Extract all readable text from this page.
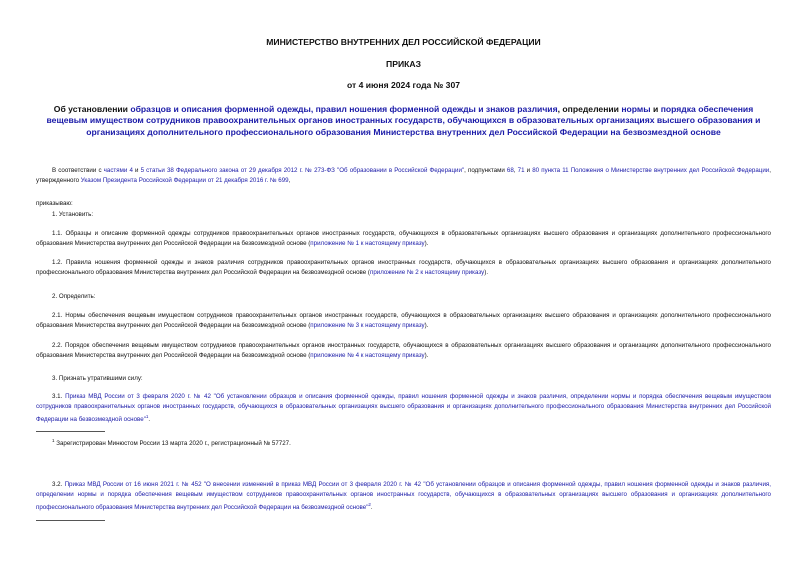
МИНИСТЕРСТВО ВНУТРЕННИХ ДЕЛ РОССИЙСКОЙ ФЕДЕРАЦИИ
ПРИКАЗ
от 4 июня 2024 года № 307
Об установлении образцов и описания форменной одежды, правил ношения форменной одежды и знаков различия, определении нормы и порядка обеспечения вещевым имуществом сотрудников правоохранительных органов иностранных государств, обучающихся в образовательных организациях высшего образования и организациях дополнительного профессионального образования Министерства внутренних дел Российской Федерации на безвозмездной основе

В соответствии с частями 4 и 5 статьи 38 Федерального закона от 29 декабря 2012 г. № 273-ФЗ "Об образовании в Российской Федерации", подпунктами 68, 71 и 80 пункта 11 Положения о Министерстве внутренних дел Российской Федерации, утвержденного Указом Президента Российской Федерации от 21 декабря 2016 г. № 699,

приказываю:
1. Установить:

1.1. Образцы и описание форменной одежды сотрудников правоохранительных органов иностранных государств, обучающихся в образовательных организациях высшего образования и организациях дополнительного профессионального образования Министерства внутренних дел Российской Федерации на безвозмездной основе (приложение № 1 к настоящему приказу).

1.2. Правила ношения форменной одежды и знаков различия сотрудников правоохранительных органов иностранных государств, обучающихся в образовательных организациях высшего образования и организациях дополнительного профессионального образования Министерства внутренних дел Российской Федерации на безвозмездной основе (приложение № 2 к настоящему приказу).

2. Определить:

2.1. Нормы обеспечения вещевым имуществом сотрудников правоохранительных органов иностранных государств, обучающихся в образовательных организациях высшего образования и организациях дополнительного профессионального образования Министерства внутренних дел Российской Федерации на безвозмездной основе (приложение № 3 к настоящему приказу).

2.2. Порядок обеспечения вещевым имуществом сотрудников правоохранительных органов иностранных государств, обучающихся в образовательных организациях высшего образования и организациях дополнительного профессионального образования Министерства внутренних дел Российской Федерации на безвозмездной основе (приложение № 4 к настоящему приказу).

3. Признать утратившими силу:

3.1. Приказ МВД России от 3 февраля 2020 г. № 42 "Об установлении образцов и описания форменной одежды, правил ношения форменной одежды и знаков различия, определении нормы и порядка обеспечения вещевым имуществом сотрудников правоохранительных органов иностранных государств, обучающихся в образовательных организациях высшего образования и организациях дополнительного профессионального образования Министерства внутренних дел Российской Федерации на безвозмездной основе"$^1$.

$^1$ Зарегистрирован Минюстом России 13 марта 2020 г., регистрационный № 57727.

3.2. Приказ МВД России от 16 июня 2021 г. № 452 "О внесении изменений в приказ МВД России от 3 февраля 2020 г. № 42 "Об установлении образцов и описания форменной одежды, правил ношения форменной одежды и знаков различия, определении нормы и порядка обеспечения вещевым имуществом сотрудников правоохранительных органов иностранных государств, обучающихся в образовательных организациях высшего образования и организациях дополнительного профессионального образования Министерства внутренних дел Российской Федерации на безвозмездной основе"$^2$.
